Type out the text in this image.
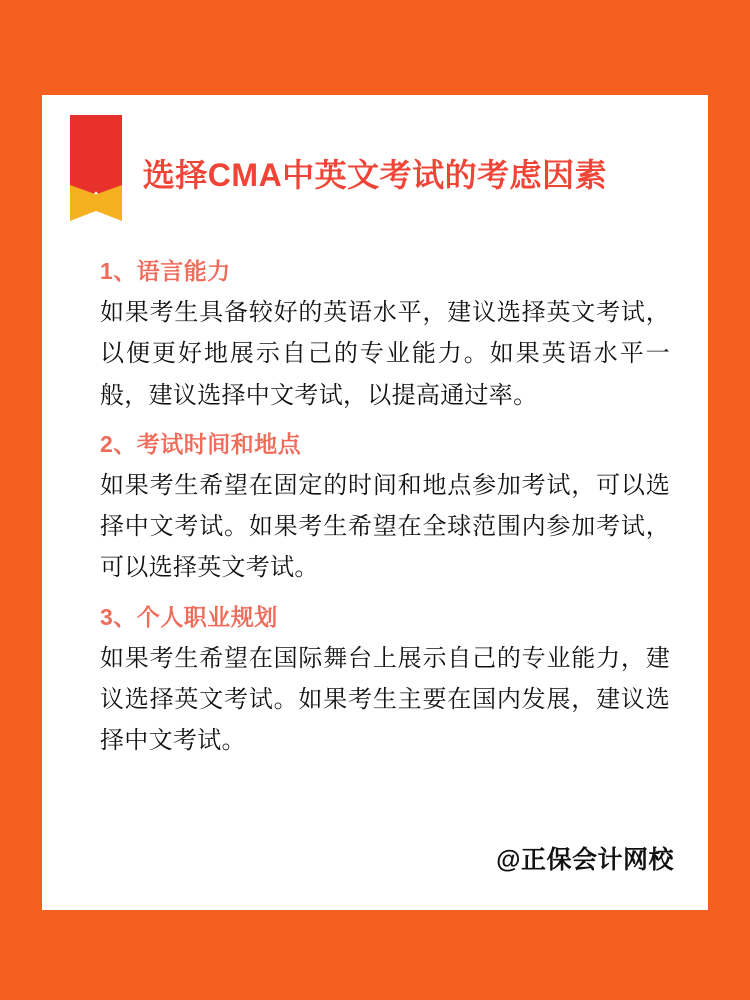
选择CMA中英文考试的考虑因素
1、语言能力
如果考生具备较好的英语水平，建议选择英文考试，以便更好地展示自己的专业能力。如果英语水平一般，建议选择中文考试，以提高通过率。
2、考试时间和地点
如果考生希望在固定的时间和地点参加考试，可以选择中文考试。如果考生希望在全球范围内参加考试，可以选择英文考试。
3、个人职业规划
如果考生希望在国际舞台上展示自己的专业能力，建议选择英文考试。如果考生主要在国内发展，建议选择中文考试。
@正保会计网校
